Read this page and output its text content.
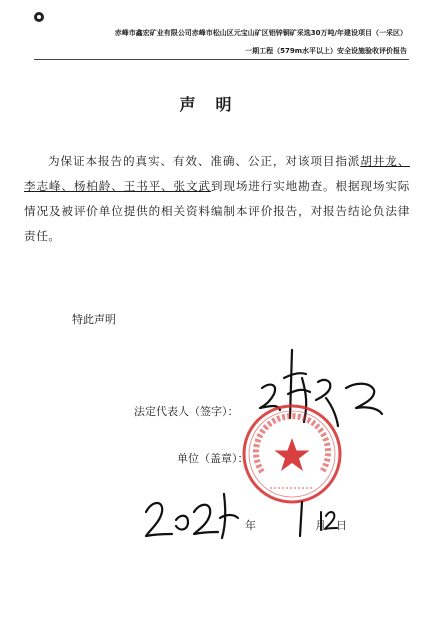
赤峰市鑫宏矿业有限公司赤峰市松山区元宝山矿区铝锌铜矿采选30万吨/年建设项目（一采区）
一期工程（579m水平以上）安全设施验收评价报告
声明
为保证本报告的真实、有效、准确、公正，对该项目指派胡井龙、李志峰、杨柏龄、王书平、张文武到现场进行实地勘查。根据现场实际情况及被评价单位提供的相关资料编制本评价报告，对报告结论负法律责任。
特此声明
法定代表人（签字）：
单位（盖章）：
年	月 日
